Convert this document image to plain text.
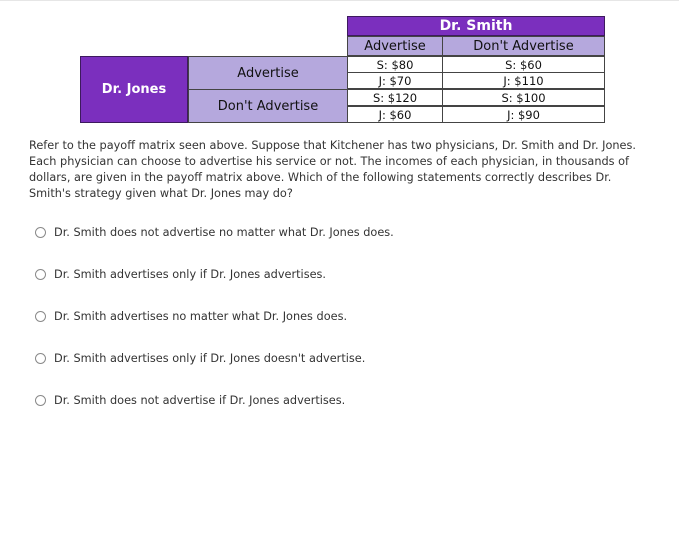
Dr. Smith
Advertise	Don't Advertise
Dr. Jones
Advertise
Don't Advertise
S: $80
J: $70
S: $60
J: $110
S: $120
J: $60
S: $100
J: $90
Refer to the payoff matrix seen above. Suppose that Kitchener has two physicians, Dr. Smith and Dr. Jones. Each physician can choose to advertise his service or not. The incomes of each physician, in thousands of dollars, are given in the payoff matrix above. Which of the following statements correctly describes Dr. Smith's strategy given what Dr. Jones may do?
Dr. Smith does not advertise no matter what Dr. Jones does.
Dr. Smith advertises only if Dr. Jones advertises.
Dr. Smith advertises no matter what Dr. Jones does.
Dr. Smith advertises only if Dr. Jones doesn't advertise.
Dr. Smith does not advertise if Dr. Jones advertises.
